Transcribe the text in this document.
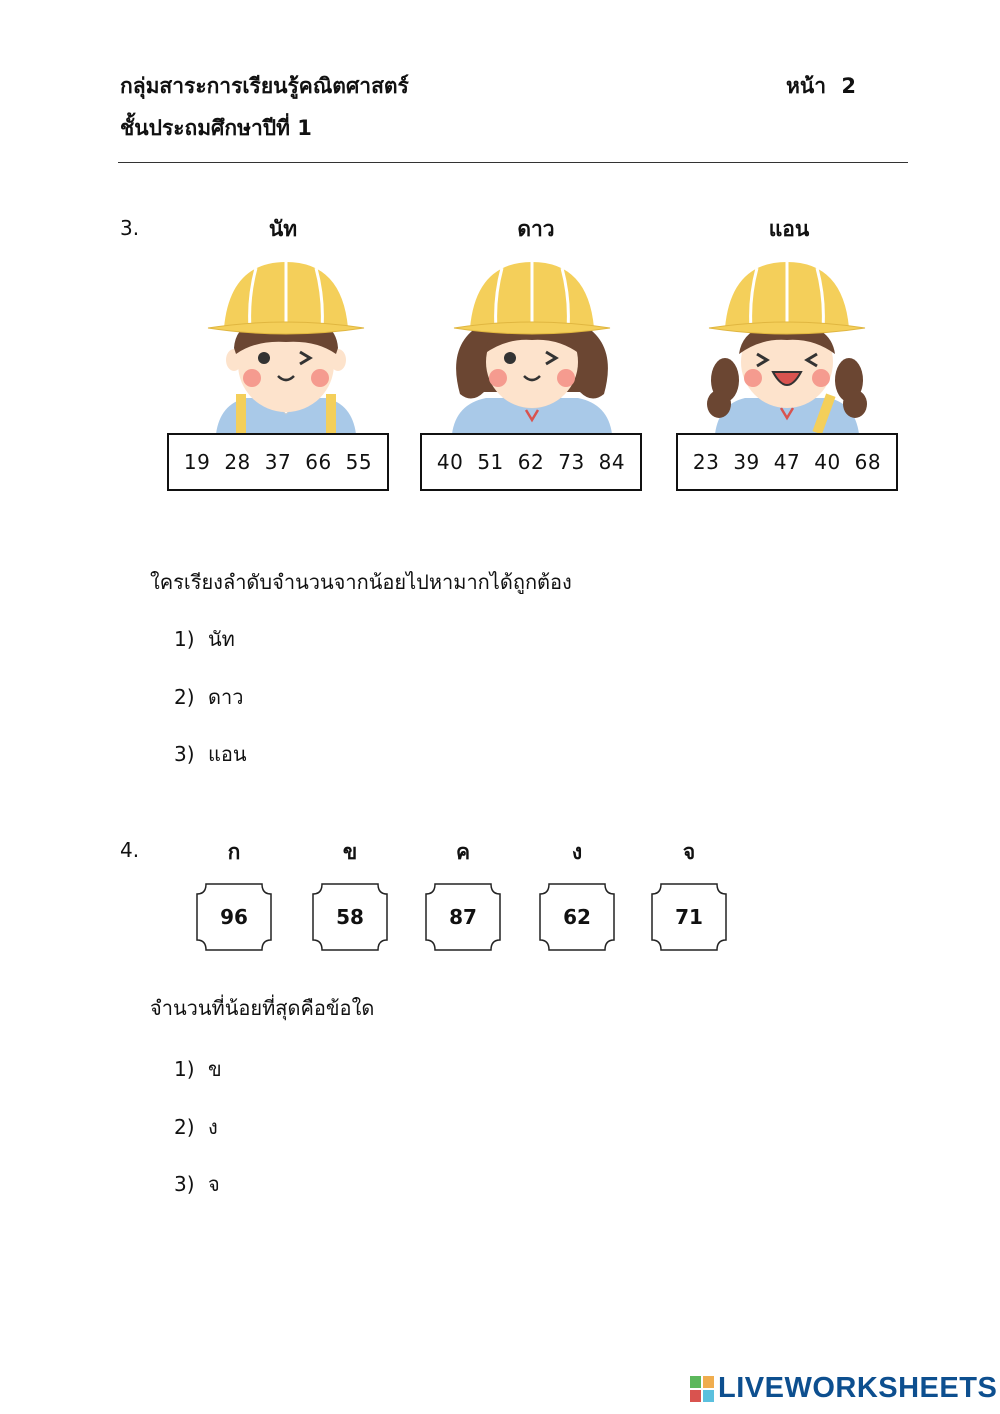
กลุ่มสาระการเรียนรู้คณิตศาสตร์
ชั้นประถมศึกษาปีที่ 1
หน้า 2
3.	นัท	ดาว	แอน
19 28 37 66 55	40 51 62 73 84	23 39 47 40 68
ใครเรียงลำดับจำนวนจากน้อยไปหามากได้ถูกต้อง
1) นัท
2) ดาว
3) แอน
4.	ก	ข	ค	ง	จ
96	58	87	62	71
จำนวนที่น้อยที่สุดคือข้อใด
1) ข
2) ง
3) จ
LIVEWORKSHEETS
